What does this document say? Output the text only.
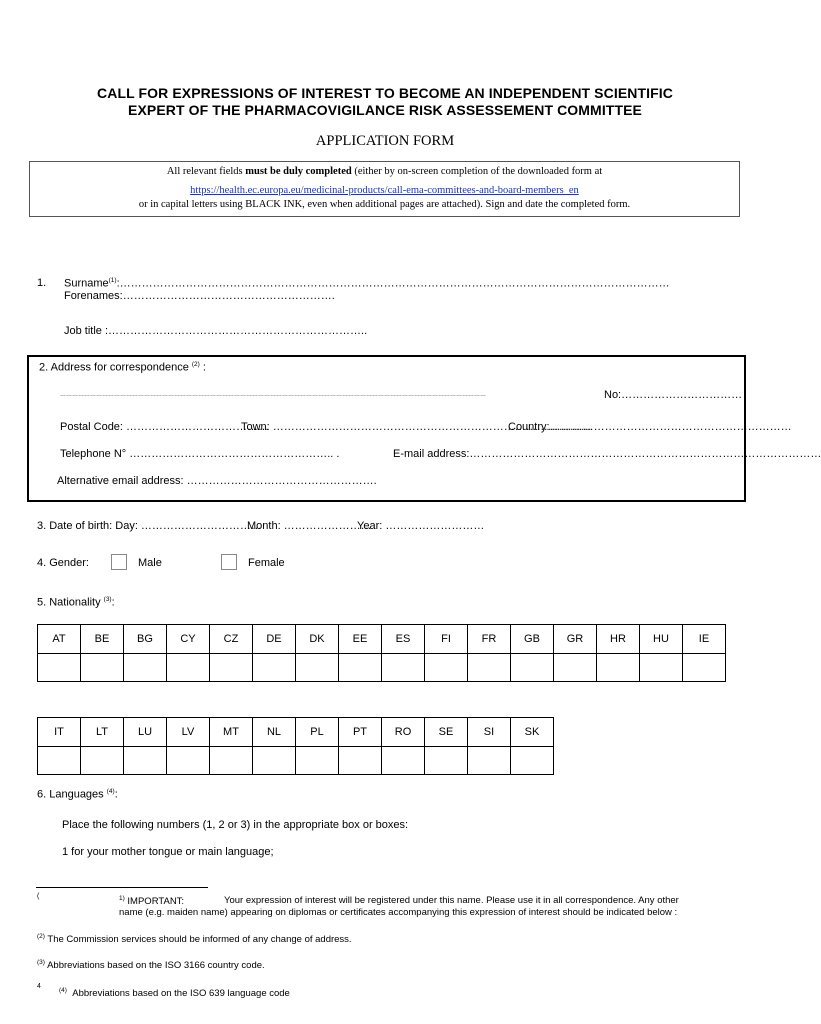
CALL FOR EXPRESSIONS OF INTEREST TO BECOME AN INDEPENDENT SCIENTIFIC
EXPERT OF THE PHARMACOVIGILANCE RISK ASSESSEMENT COMMITTEE
APPLICATION FORM
All relevant fields must be duly completed (either by on-screen completion of the downloaded form at
https://health.ec.europa.eu/medicinal-products/call-ema-committees-and-board-members_en
or in capital letters using BLACK INK, even when additional pages are attached). Sign and date the completed form.
1. Surname$^{(1)}$:……………………………………………………………………………………………………………………………………
Forenames:………………………………………………….
Job title :……………………………………………………………..
2. Address for correspondence $^{(2)}$ :
……………………………………………………………………………………………………………………………………………………………………………………………	No:……………………………
Postal Code: …………………………………
Town: ……………………………………………………………………………
Country:…………………………………………………………
Telephone N° ……………………………………………….. .	E-mail address:……………………………………………………………………………………
Alternative email address: …………………………………………….
3. Date of birth: Day: ……………………………
Month: ……………………
Year: ………………………
4. Gender:	Male	Female
5. Nationality $^{(3)}$:
AT	BE	BG	CY	CZ	DE	DK	EE	ES	FI	FR	GB	GR	HR	HU	IE

IT	LT	LU	LV	MT	NL	PL	PT	RO	SE	SI	SK

6. Languages $^{(4)}$:
Place the following numbers (1, 2 or 3) in the appropriate box or boxes:
1 for your mother tongue or main language;
(	$^{1)}$ IMPORTANT:	Your expression of interest will be registered under this name. Please use it in all correspondence. Any other
name (e.g. maiden name) appearing on diplomas or certificates accompanying this expression of interest should be indicated below :
$^{(2)}$ The Commission services should be informed of any change of address.
$^{(3)}$ Abbreviations based on the ISO 3166 country code.
4
$^{(4)}$ Abbreviations based on the ISO 639 language code
